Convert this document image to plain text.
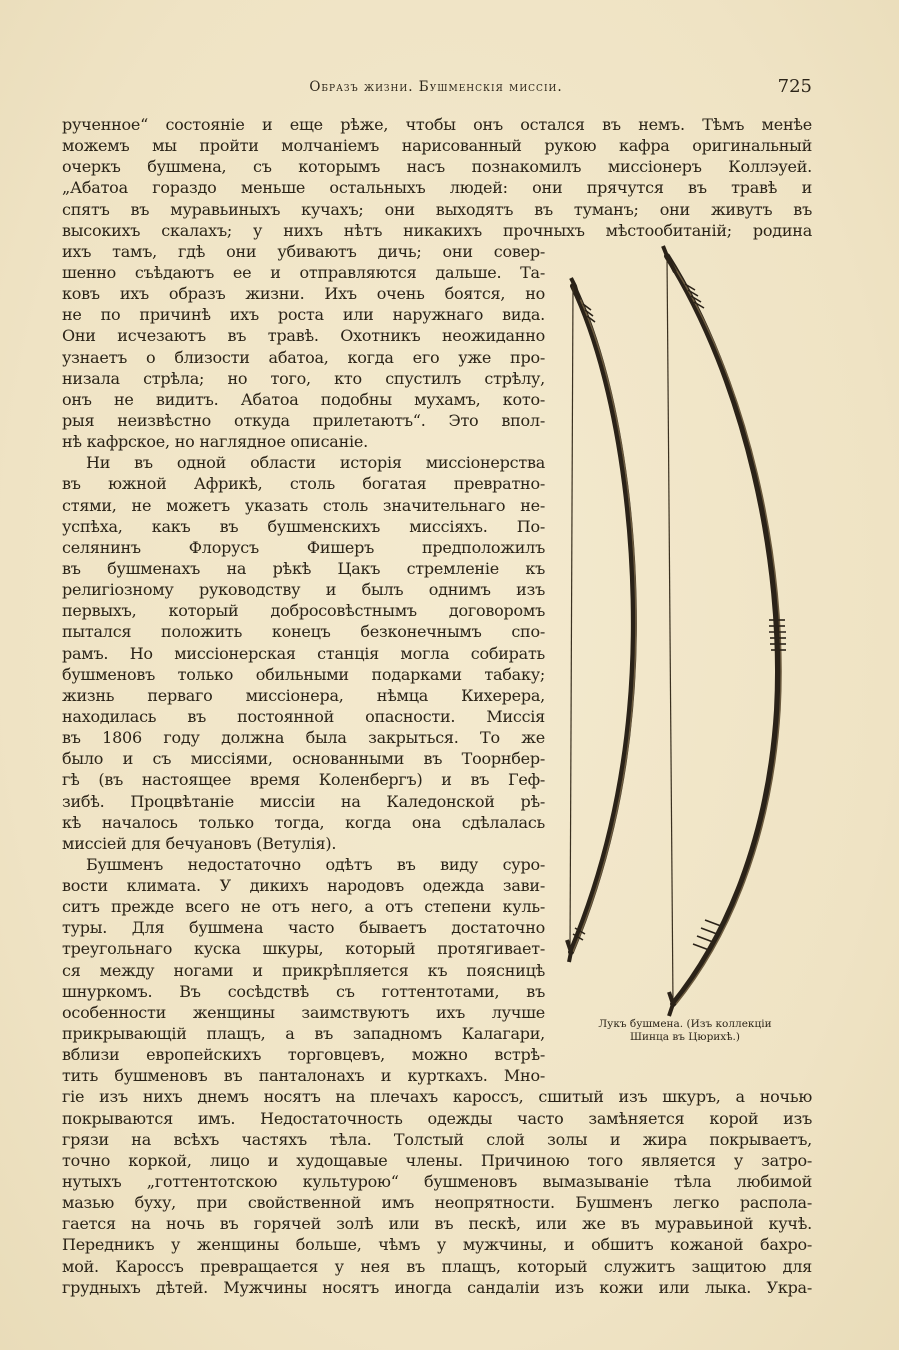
Образъ жизни. Бушменскія миссіи.	725
рученное“ состояніе и еще рѣже, чтобы онъ остался въ немъ. Тѣмъ менѣе
можемъ мы пройти молчаніемъ нарисованный рукою кафра оригинальный
очеркъ бушмена, съ которымъ насъ познакомилъ миссіонеръ Коллэуей.
„Абатоа гораздо меньше остальныхъ людей: они прячутся въ травѣ и
спятъ въ муравьиныхъ кучахъ; они выходятъ въ туманъ; они живутъ въ
высокихъ скалахъ; у нихъ нѣтъ никакихъ прочныхъ мѣстообитаній; родина
ихъ тамъ, гдѣ они убиваютъ дичь; они совер-
шенно съѣдаютъ ее и отправляются дальше. Та-
ковъ ихъ образъ жизни. Ихъ очень боятся, но
не по причинѣ ихъ роста или наружнаго вида.
Они исчезаютъ въ травѣ. Охотникъ неожиданно
узнаетъ о близости абатоа, когда его уже про-
низала стрѣла; но того, кто спустилъ стрѣлу,
онъ не видитъ. Абатоа подобны мухамъ, кото-
рыя неизвѣстно откуда прилетаютъ“. Это впол-
нѣ кафрское, но наглядное описаніе.
Ни въ одной области исторія миссіонерства
въ южной Африкѣ, столь богатая превратно-
стями, не можетъ указать столь значительнаго не-
успѣха, какъ въ бушменскихъ миссіяхъ. По-
селянинъ Флорусъ Фишеръ предположилъ
въ бушменахъ на рѣкѣ Цакъ стремленіе къ
религіозному руководству и былъ однимъ изъ
первыхъ, который добросовѣстнымъ договоромъ
пытался положить конецъ безконечнымъ спо-
рамъ. Но миссіонерская станція могла собирать
бушменовъ только обильными подарками табаку;
жизнь перваго миссіонера, нѣмца Кихерера,
находилась въ постоянной опасности. Миссія
въ 1806 году должна была закрыться. То же
было и съ миссіями, основанными въ Тоорнбер-
гѣ (въ настоящее время Коленбергъ) и въ Геф-
зибѣ. Процвѣтаніе миссіи на Каледонской рѣ-
кѣ началось только тогда, когда она сдѣлалась
миссіей для бечуановъ (Ветулія).
Бушменъ недостаточно одѣтъ въ виду суро-
вости климата. У дикихъ народовъ одежда зави-
ситъ прежде всего не отъ него, а отъ степени куль-
туры. Для бушмена часто бываетъ достаточно
треугольнаго куска шкуры, который протягивает-
ся между ногами и прикрѣпляется къ поясницѣ
шнуркомъ. Въ сосѣдствѣ съ готтентотами, въ
особенности женщины заимствуютъ ихъ лучше
прикрывающій плащъ, а въ западномъ Калагари,
вблизи европейскихъ торговцевъ, можно встрѣ-
тить бушменовъ въ панталонахъ и курткахъ. Мно-
гіе изъ нихъ днемъ носятъ на плечахъ кароссъ, сшитый изъ шкуръ, а ночью
покрываются имъ. Недостаточность одежды часто замѣняется корой изъ
грязи на всѣхъ частяхъ тѣла. Толстый слой золы и жира покрываетъ,
точно коркой, лицо и худощавые члены. Причиною того является у затро-
нутыхъ „готтентотскою культурою“ бушменовъ вымазываніе тѣла любимой
мазью буху, при свойственной имъ неопрятности. Бушменъ легко распола-
гается на ночь въ горячей золѣ или въ пескѣ, или же въ муравьиной кучѣ.
Передникъ у женщины больше, чѣмъ у мужчины, и обшитъ кожаной бахро-
мой. Кароссъ превращается у нея въ плащъ, который служитъ защитою для
грудныхъ дѣтей. Мужчины носятъ иногда сандаліи изъ кожи или лыка. Укра-
Лукъ бушмена. (Изъ коллекціи
Шинца въ Цюрихѣ.)
